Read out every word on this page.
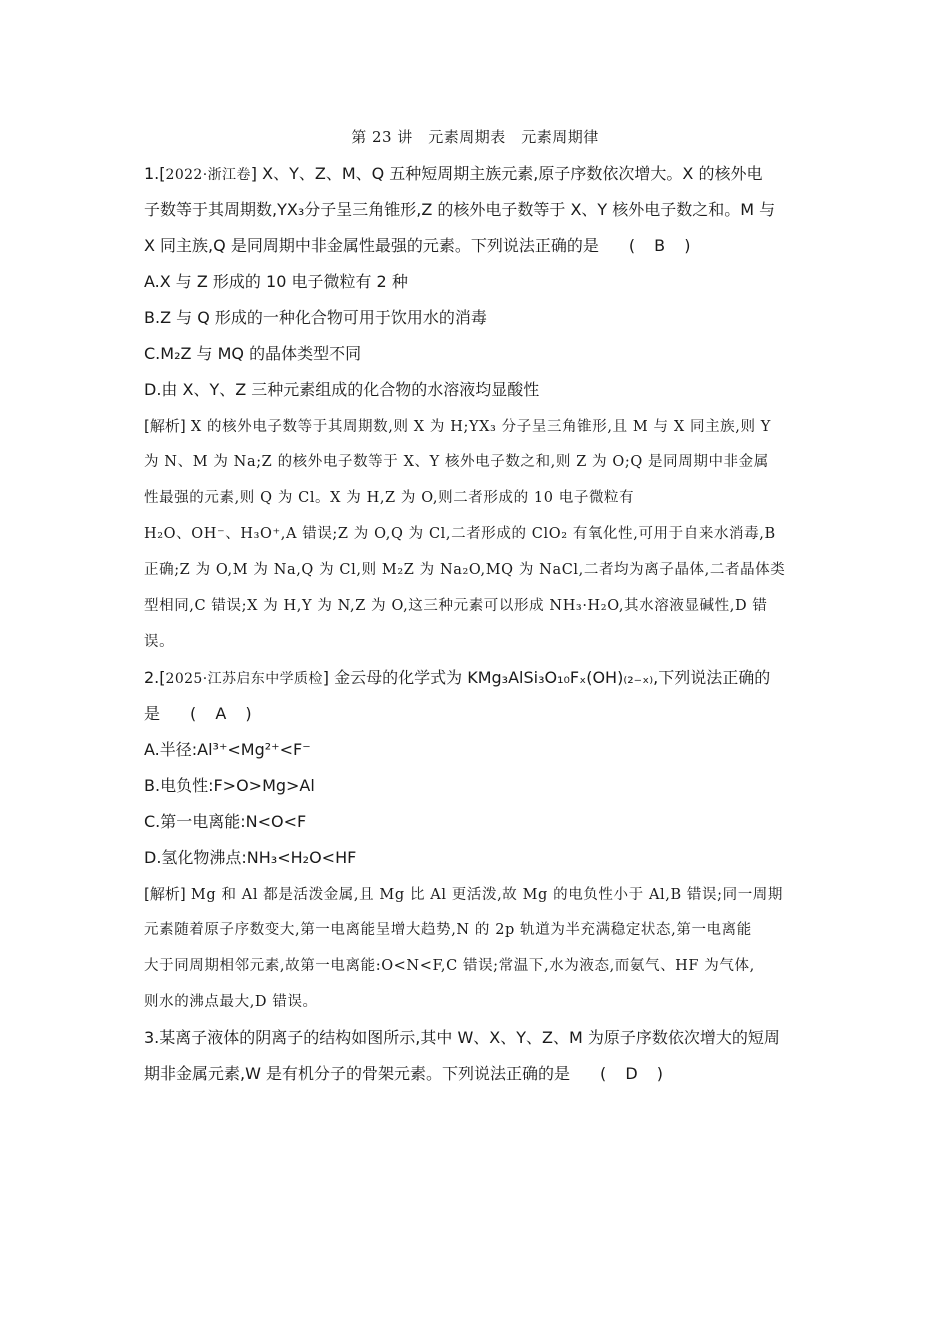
第 23 讲　元素周期表　元素周期律
1.[2022·浙江卷] X、Y、Z、M、Q 五种短周期主族元素,原子序数依次增大。X 的核外电
子数等于其周期数,YX₃分子呈三角锥形,Z 的核外电子数等于 X、Y 核外电子数之和。M 与
X 同主族,Q 是同周期中非金属性最强的元素。下列说法正确的是 ( B )
A.X 与 Z 形成的 10 电子微粒有 2 种
B.Z 与 Q 形成的一种化合物可用于饮用水的消毒
C.M₂Z 与 MQ 的晶体类型不同
D.由 X、Y、Z 三种元素组成的化合物的水溶液均显酸性
[解析] X 的核外电子数等于其周期数,则 X 为 H;YX₃ 分子呈三角锥形,且 M 与 X 同主族,则 Y
为 N、M 为 Na;Z 的核外电子数等于 X、Y 核外电子数之和,则 Z 为 O;Q 是同周期中非金属
性最强的元素,则 Q 为 Cl。X 为 H,Z 为 O,则二者形成的 10 电子微粒有
H₂O、OH⁻、H₃O⁺,A 错误;Z 为 O,Q 为 Cl,二者形成的 ClO₂ 有氧化性,可用于自来水消毒,B
正确;Z 为 O,M 为 Na,Q 为 Cl,则 M₂Z 为 Na₂O,MQ 为 NaCl,二者均为离子晶体,二者晶体类
型相同,C 错误;X 为 H,Y 为 N,Z 为 O,这三种元素可以形成 NH₃·H₂O,其水溶液显碱性,D 错
误。
2.[2025·江苏启东中学质检] 金云母的化学式为 KMg₃AlSi₃O₁₀Fₓ(OH)₍₂₋ₓ₎,下列说法正确的
是 ( A )
A.半径:Al³⁺<Mg²⁺<F⁻
B.电负性:F>O>Mg>Al
C.第一电离能:N<O<F
D.氢化物沸点:NH₃<H₂O<HF
[解析] Mg 和 Al 都是活泼金属,且 Mg 比 Al 更活泼,故 Mg 的电负性小于 Al,B 错误;同一周期
元素随着原子序数变大,第一电离能呈增大趋势,N 的 2p 轨道为半充满稳定状态,第一电离能
大于同周期相邻元素,故第一电离能:O<N<F,C 错误;常温下,水为液态,而氨气、HF 为气体,
则水的沸点最大,D 错误。
3.某离子液体的阴离子的结构如图所示,其中 W、X、Y、Z、M 为原子序数依次增大的短周
期非金属元素,W 是有机分子的骨架元素。下列说法正确的是 ( D )
